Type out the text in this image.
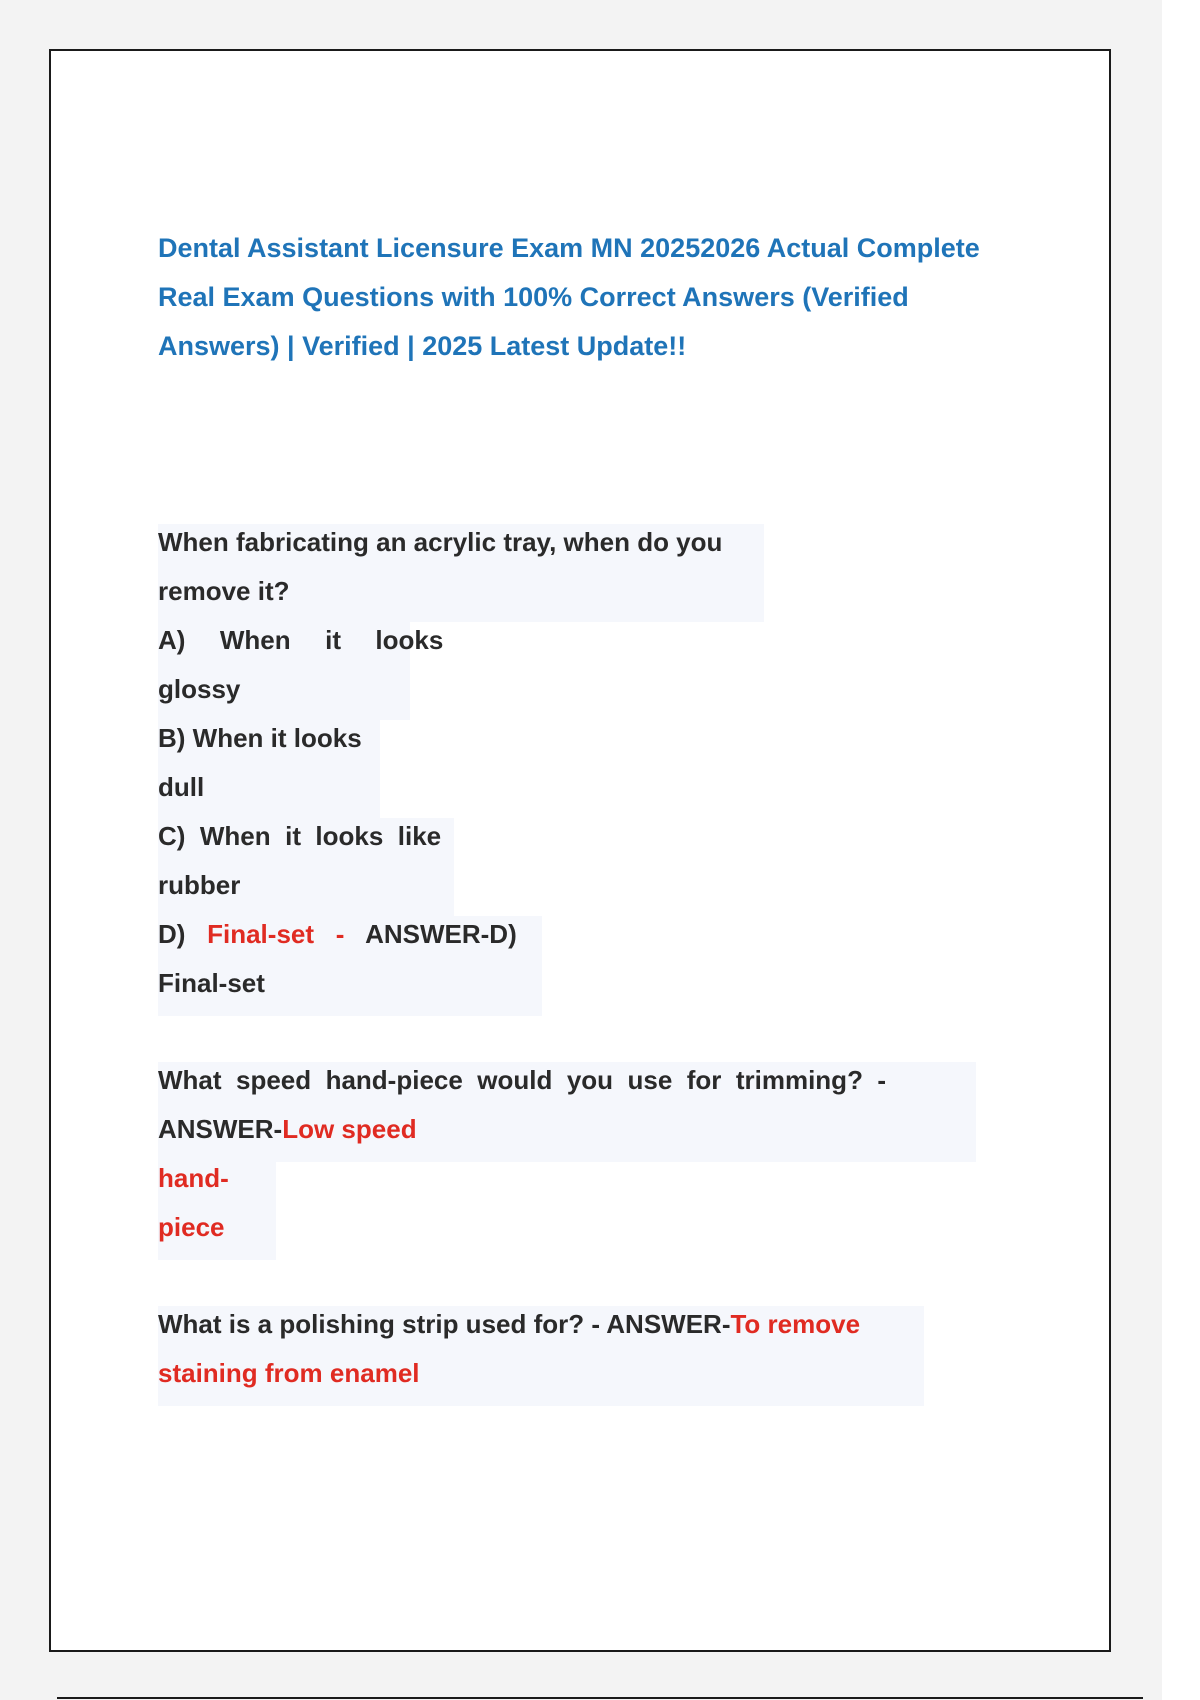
Dental Assistant Licensure Exam MN 20252026 Actual Complete
Real Exam Questions with 100% Correct Answers (Verified
Answers) | Verified | 2025 Latest Update!!
When fabricating an acrylic tray, when do you
remove it?
A)  When  it  looks
glossy
B) When it looks
dull
C)  When  it  looks  like
rubber
D) Final-set   - ANSWER-D)
Final-set
What  speed  hand-piece  would  you  use  for  trimming?  -
ANSWER-Low speed
hand-
piece
What is a polishing strip used for? - ANSWER-To remove
staining from enamel
